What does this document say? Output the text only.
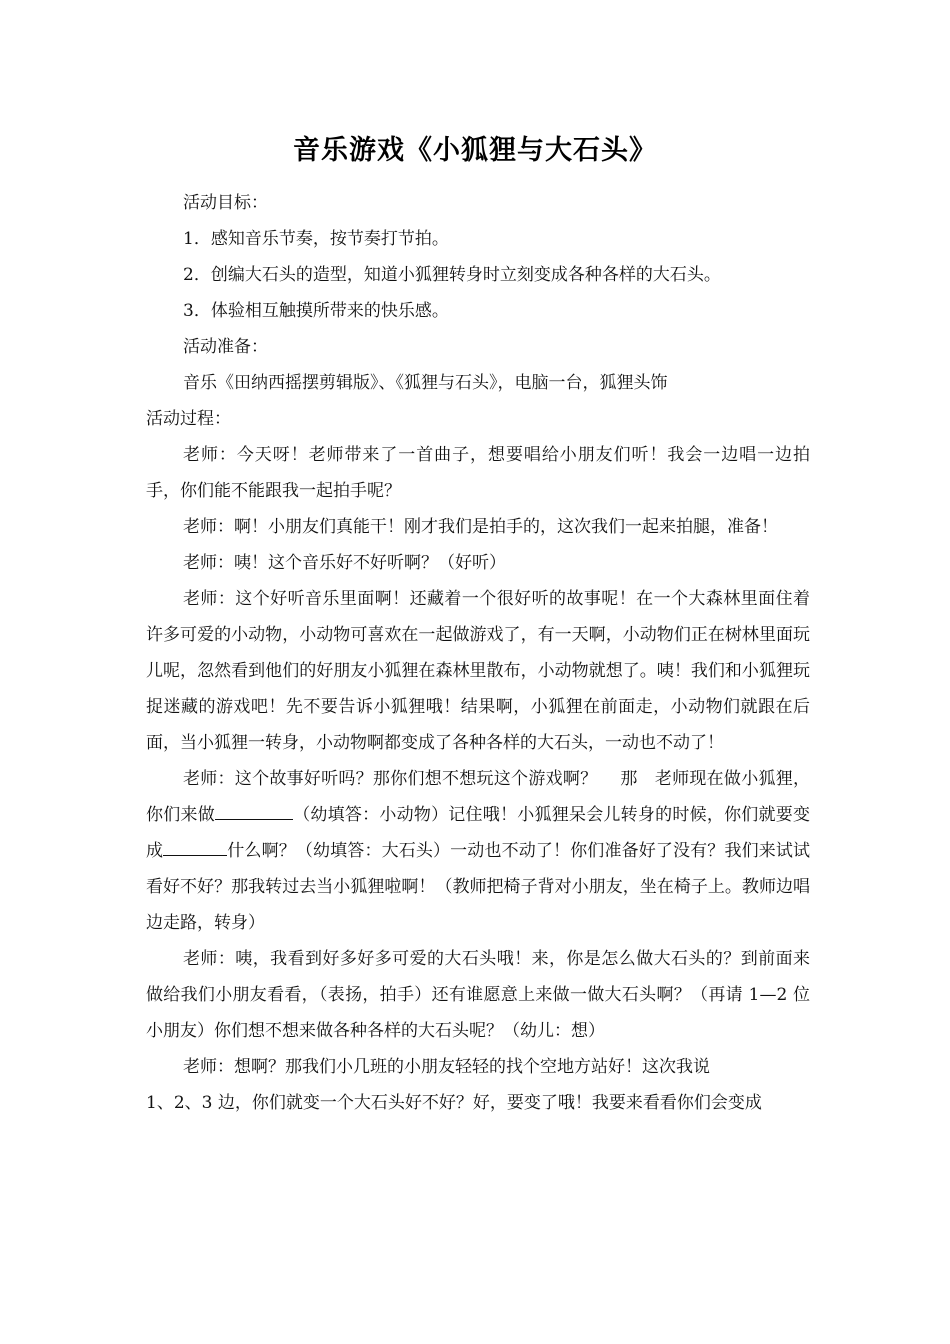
音乐游戏《小狐狸与大石头》

活动目标：

1．感知音乐节奏，按节奏打节拍。

2．创编大石头的造型，知道小狐狸转身时立刻变成各种各样的大石头。

3．体验相互触摸所带来的快乐感。

活动准备：

音乐《田纳西摇摆剪辑版》、《狐狸与石头》，电脑一台，狐狸头饰

活动过程：

老师：今天呀！老师带来了一首曲子，想要唱给小朋友们听！我会一边唱一边拍手，你们能不能跟我一起拍手呢？

老师：啊！小朋友们真能干！刚才我们是拍手的，这次我们一起来拍腿，准备！

老师：咦！这个音乐好不好听啊？（好听）

老师：这个好听音乐里面啊！还藏着一个很好听的故事呢！在一个大森林里面住着许多可爱的小动物，小动物可喜欢在一起做游戏了，有一天啊，小动物们正在树林里面玩儿呢，忽然看到他们的好朋友小狐狸在森林里散布，小动物就想了。咦！我们和小狐狸玩捉迷藏的游戏吧！先不要告诉小狐狸哦！结果啊，小狐狸在前面走，小动物们就跟在后面，当小狐狸一转身，小动物啊都变成了各种各样的大石头，一动也不动了！

老师：这个故事好听吗？那你们想不想玩这个游戏啊？　 那　老师现在做小狐狸，你们来做	（幼填答：小动物）记住哦！小狐狸呆会儿转身的时候，你们就要变成	什么啊？（幼填答：大石头）一动也不动了！你们准备好了没有？我们来试试看好不好？那我转过去当小狐狸啦啊！（教师把椅子背对小朋友，坐在椅子上。教师边唱边走路，转身）

老师：咦，我看到好多好多可爱的大石头哦！来，你是怎么做大石头的？到前面来做给我们小朋友看看，（表扬，拍手）还有谁愿意上来做一做大石头啊？（再请 1—2 位小朋友）你们想不想来做各种各样的大石头呢？（幼儿：想）

老师：想啊？那我们小几班的小朋友轻轻的找个空地方站好！这次我说

1、2、3 边，你们就变一个大石头好不好？好，要变了哦！我要来看看你们会变成
